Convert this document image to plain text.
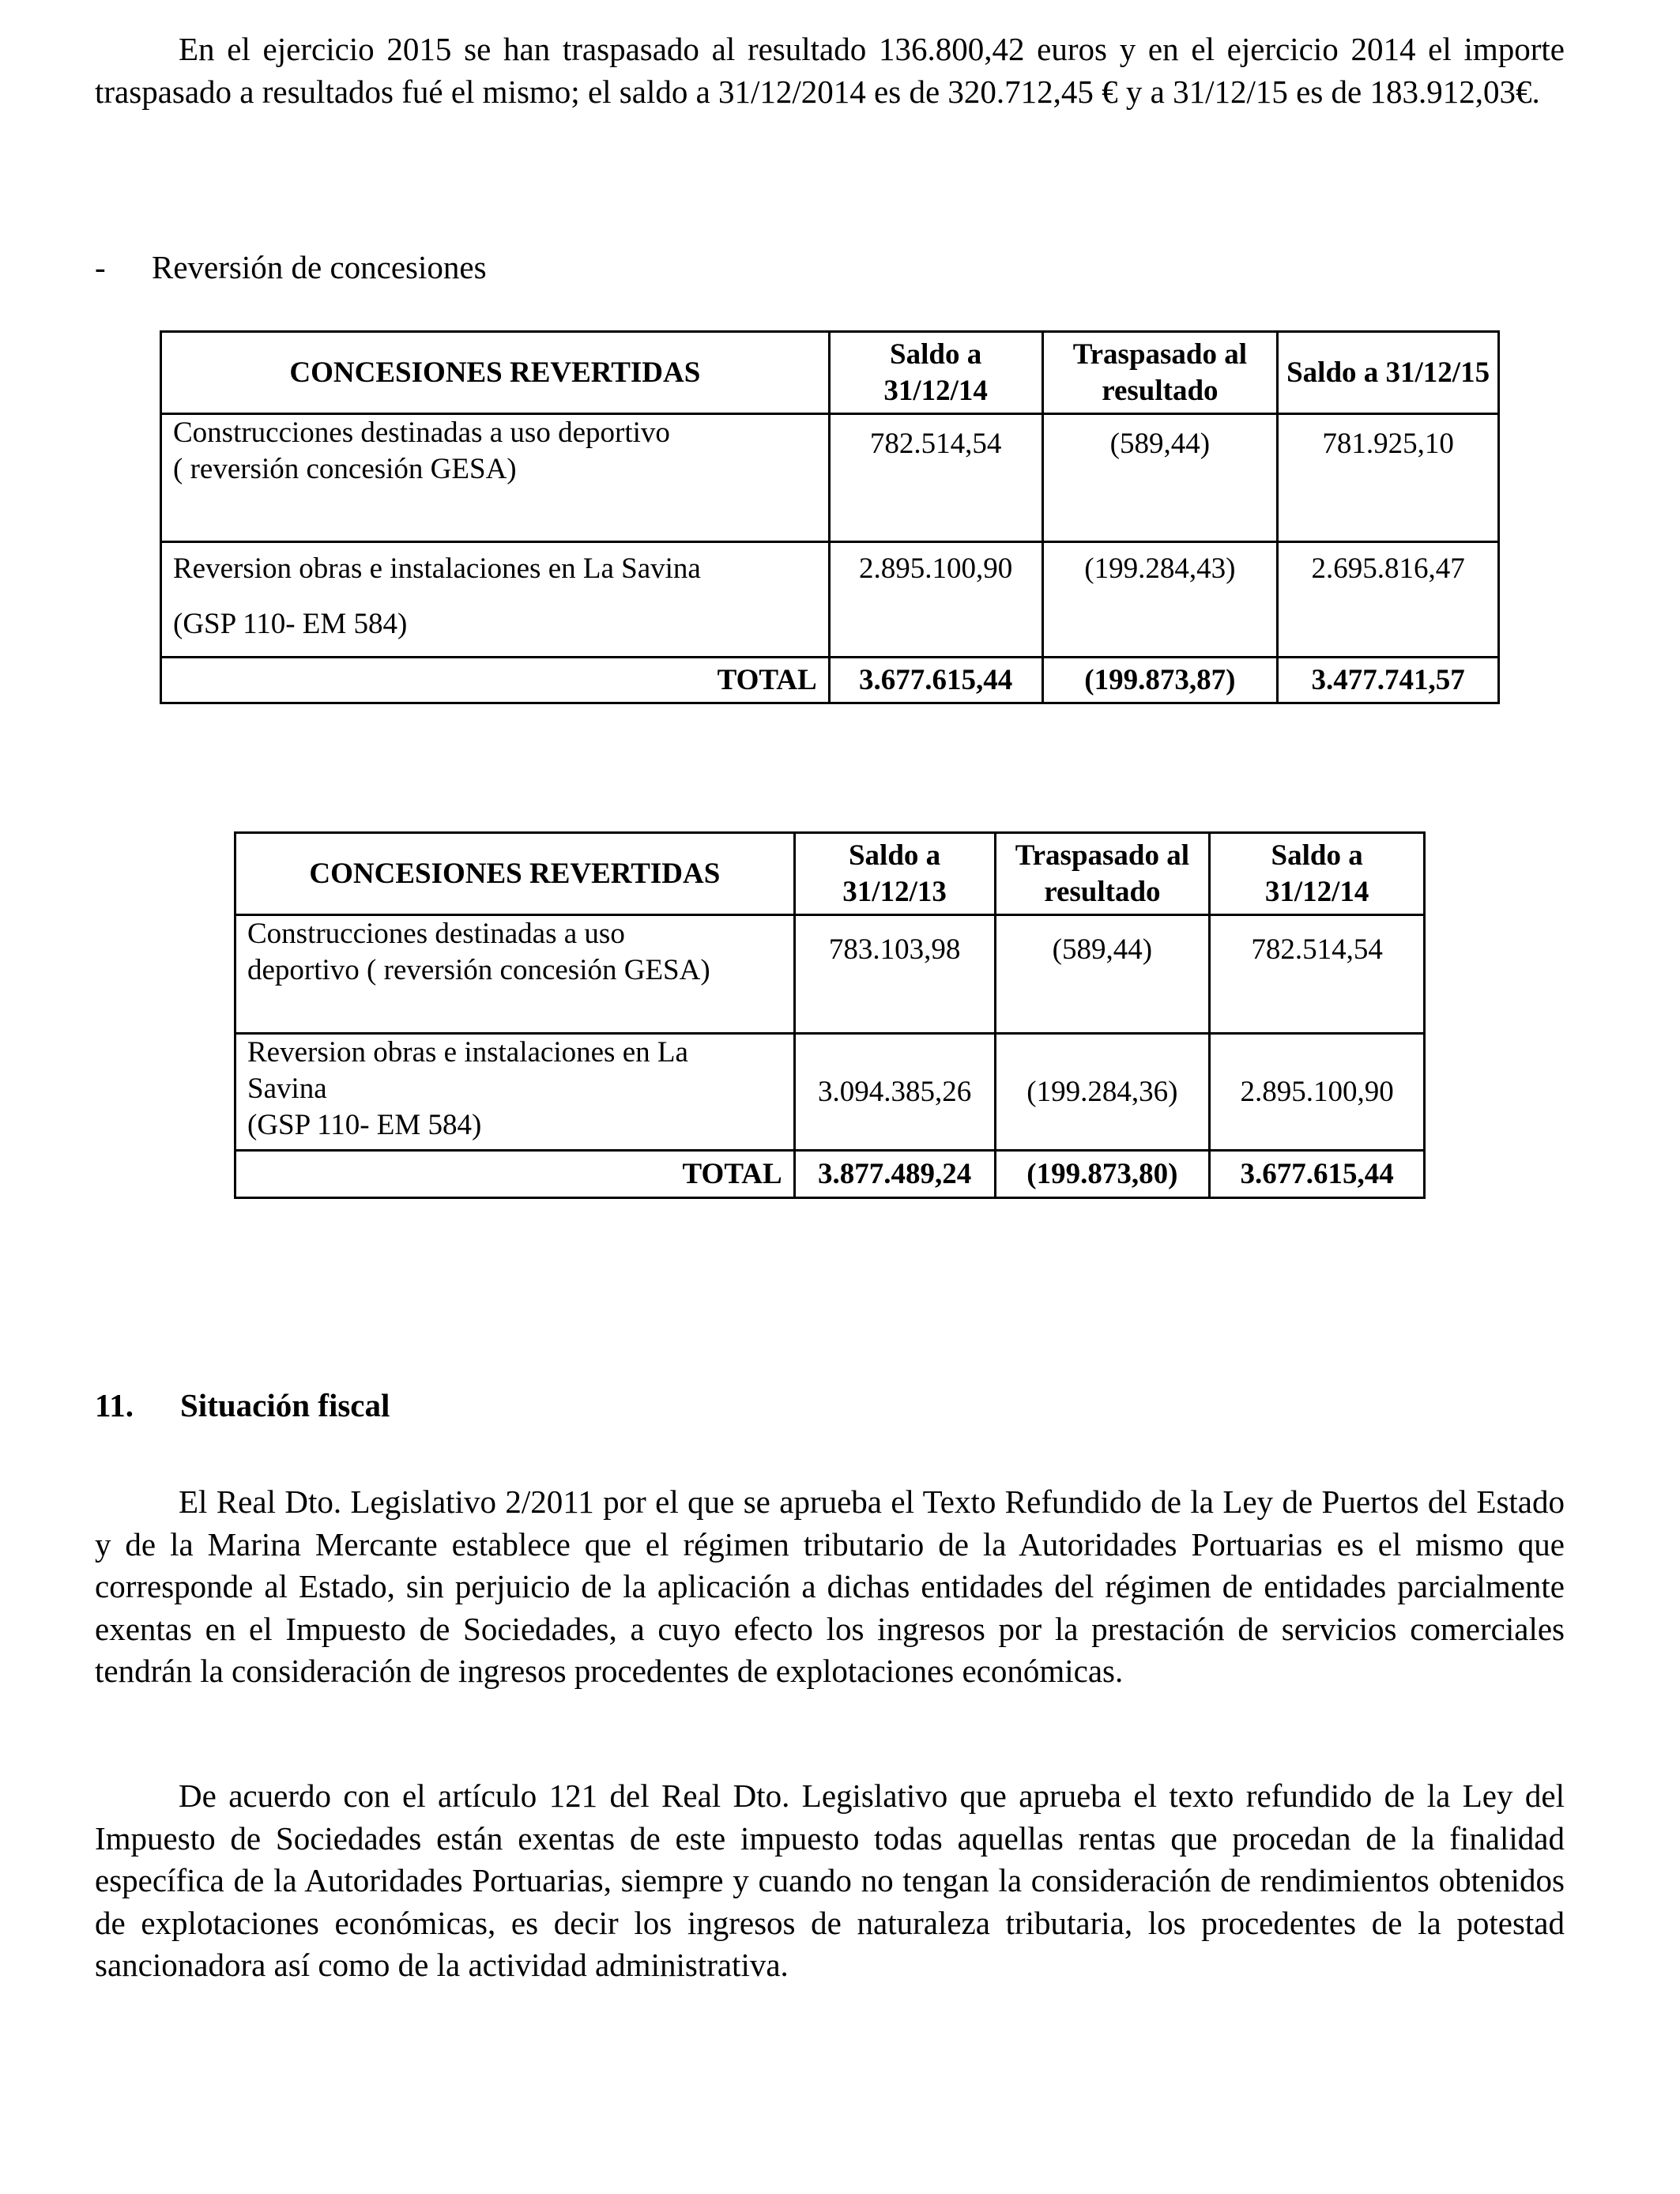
En el ejercicio 2015 se han traspasado al resultado 136.800,42 euros y en el ejercicio 2014 el importe traspasado a resultados fué el mismo; el saldo a 31/12/2014 es de 320.712,45 € y a 31/12/15 es de 183.912,03€.

- Reversión de concesiones
CONCESIONES REVERTIDAS	Saldo a 31/12/14	Traspasado al resultado	Saldo a 31/12/15

Construcciones destinadas a uso deportivo
( reversión concesión GESA)	782.514,54	(589,44)	781.925,10

Reversion obras e instalaciones en La Savina
(GSP 110- EM 584)	2.895.100,90	(199.284,43)	2.695.816,47
TOTAL	3.677.615,44	(199.873,87)	3.477.741,57
CONCESIONES REVERTIDAS	Saldo a 31/12/13	Traspasado al resultado	Saldo a 31/12/14

Construcciones destinadas a uso
deportivo ( reversión concesión GESA)	783.103,98	(589,44)	782.514,54

Reversion obras e instalaciones en La
Savina
(GSP 110- EM 584)	3.094.385,26	(199.284,36)	2.895.100,90
TOTAL	3.877.489,24	(199.873,80)	3.677.615,44
11. Situación fiscal

El Real Dto. Legislativo 2/2011 por el que se aprueba el Texto Refundido de la Ley de Puertos del Estado y de la Marina Mercante establece que el régimen tributario de la Autoridades Portuarias es el mismo que corresponde al Estado, sin perjuicio de la aplicación a dichas entidades del régimen de entidades parcialmente exentas en el Impuesto de Sociedades, a cuyo efecto los ingresos por la prestación de servicios comerciales tendrán la consideración de ingresos procedentes de explotaciones económicas.

De acuerdo con el artículo 121 del Real Dto. Legislativo que aprueba el texto refundido de la Ley del Impuesto de Sociedades están exentas de este impuesto todas aquellas rentas que procedan de la finalidad específica de la Autoridades Portuarias, siempre y cuando no tengan la consideración de rendimientos obtenidos de explotaciones económicas, es decir los ingresos de naturaleza tributaria, los procedentes de la potestad sancionadora así como de la actividad administrativa.
